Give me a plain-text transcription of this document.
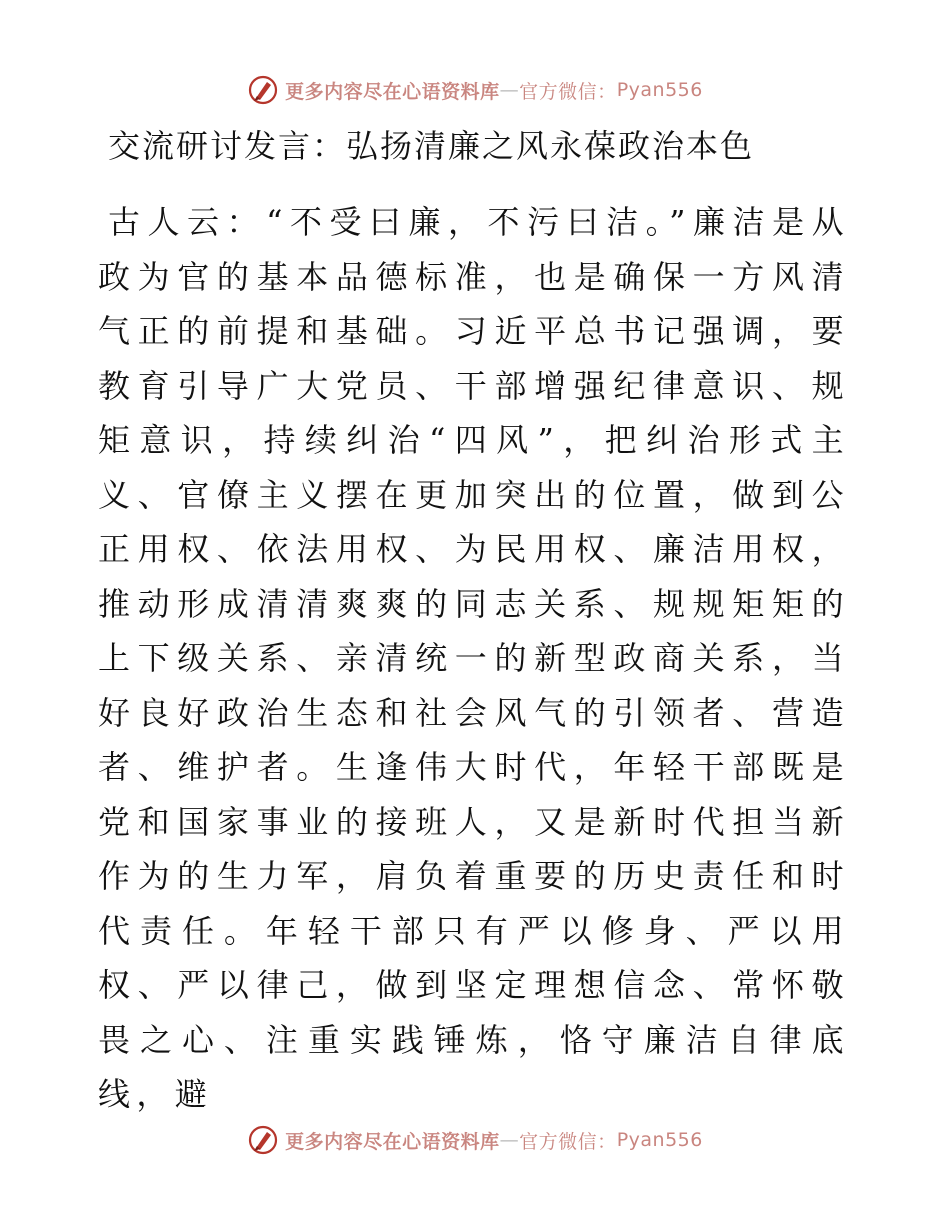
更多内容尽在心语资料库 — 官方微信： Pyan556
交流研讨发言：弘扬清廉之风永葆政治本色

古人云：“不受曰廉，不污曰洁。”廉洁是从政为官的基本品德标准，也是确保一方风清气正的前提和基础。习近平总书记强调，要教育引导广大党员、干部增强纪律意识、规矩意识，持续纠治“四风”，把纠治形式主义、官僚主义摆在更加突出的位置，做到公正用权、依法用权、为民用权、廉洁用权，推动形成清清爽爽的同志关系、规规矩矩的上下级关系、亲清统一的新型政商关系，当好良好政治生态和社会风气的引领者、营造者、维护者。生逢伟大时代，年轻干部既是党和国家事业的接班人，又是新时代担当新作为的生力军，肩负着重要的历史责任和时代责任。年轻干部只有严以修身、严以用权、严以律己，做到坚定理想信念、常怀敬畏之心、注重实践锤炼，恪守廉洁自律底线，避

更多内容尽在心语资料库 — 官方微信： Pyan556
